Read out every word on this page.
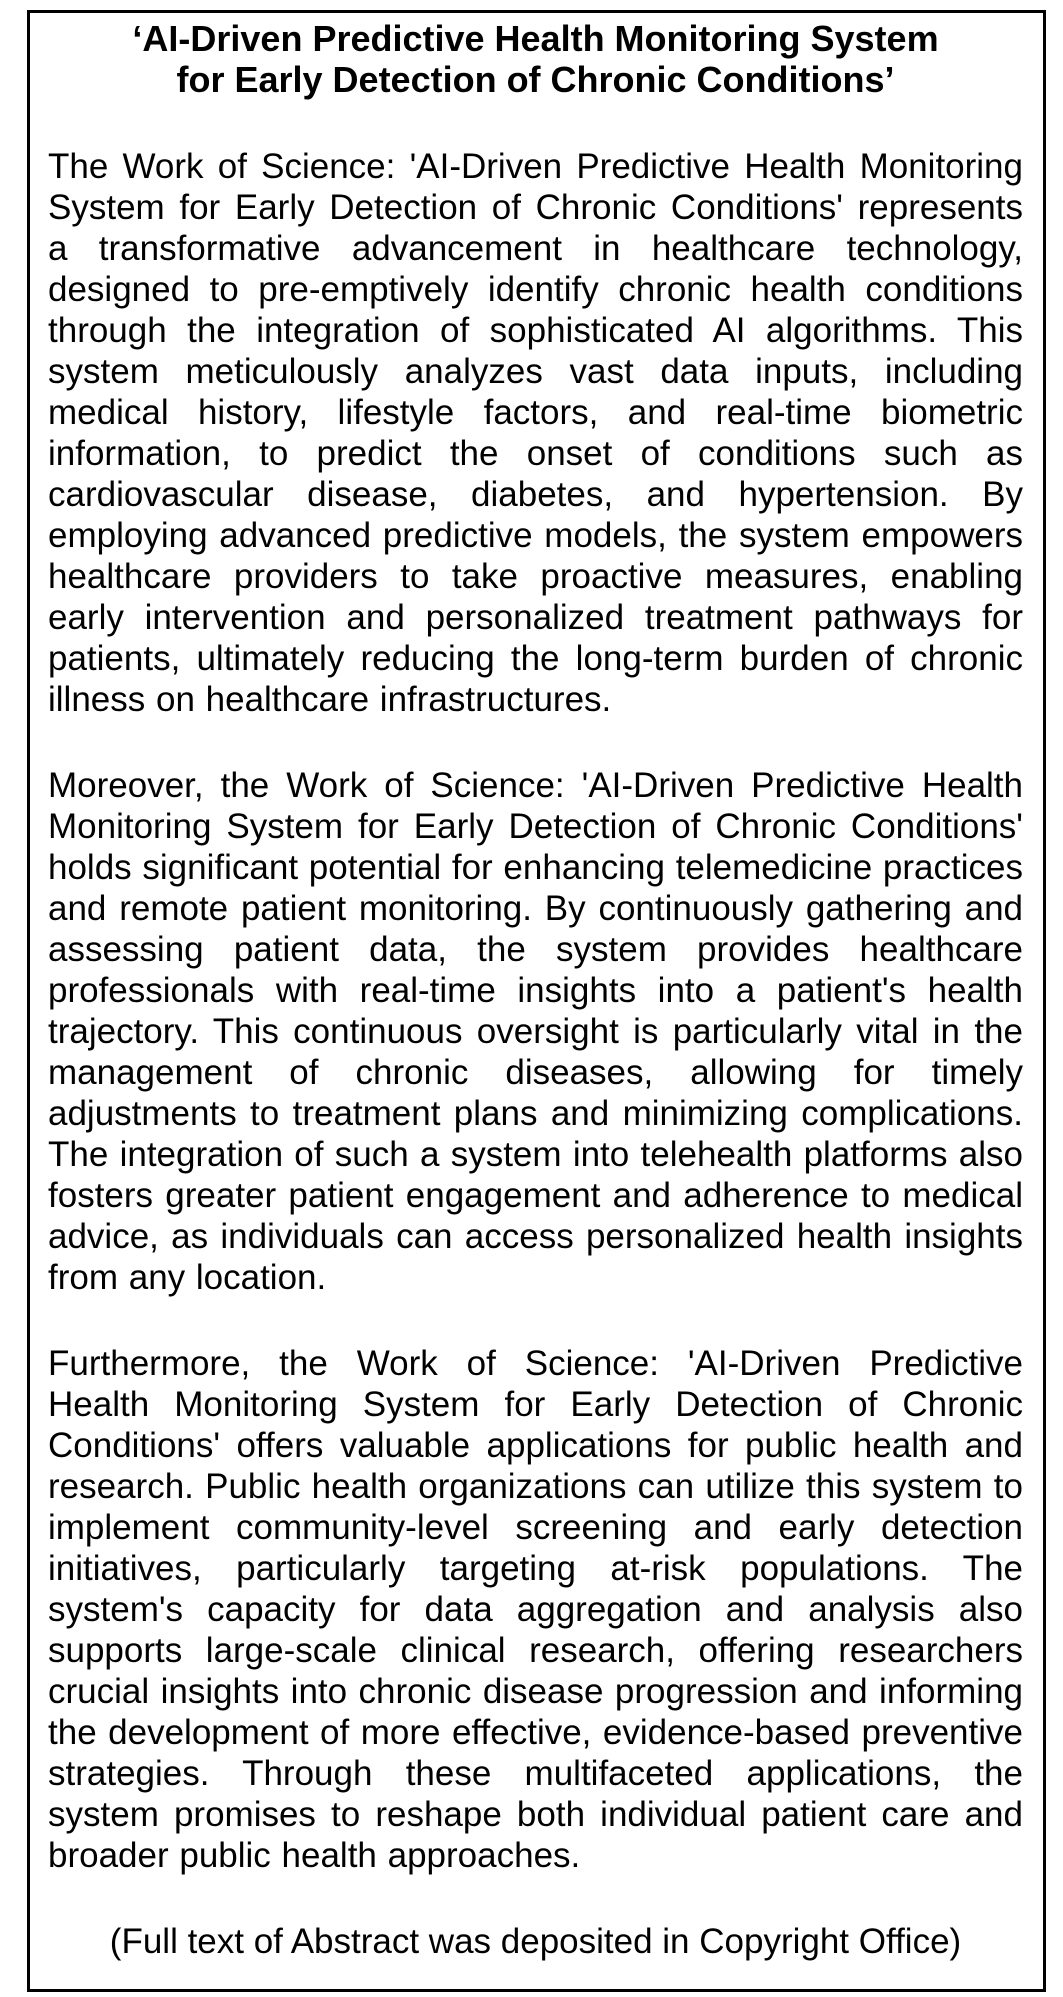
‘AI-Driven Predictive Health Monitoring System
for Early Detection of Chronic Conditions’

The Work of Science: 'AI-Driven Predictive Health Monitoring System for Early Detection of Chronic Conditions' represents a transformative advancement in healthcare technology, designed to pre-emptively identify chronic health conditions through the integration of sophisticated AI algorithms. This system meticulously analyzes vast data inputs, including medical history, lifestyle factors, and real-time biometric information, to predict the onset of conditions such as cardiovascular disease, diabetes, and hypertension. By employing advanced predictive models, the system empowers healthcare providers to take proactive measures, enabling early intervention and personalized treatment pathways for patients, ultimately reducing the long-term burden of chronic illness on healthcare infrastructures.

Moreover, the Work of Science: 'AI-Driven Predictive Health Monitoring System for Early Detection of Chronic Conditions' holds significant potential for enhancing telemedicine practices and remote patient monitoring. By continuously gathering and assessing patient data, the system provides healthcare professionals with real-time insights into a patient's health trajectory. This continuous oversight is particularly vital in the management of chronic diseases, allowing for timely adjustments to treatment plans and minimizing complications. The integration of such a system into telehealth platforms also fosters greater patient engagement and adherence to medical advice, as individuals can access personalized health insights from any location.

Furthermore, the Work of Science: 'AI-Driven Predictive Health Monitoring System for Early Detection of Chronic Conditions' offers valuable applications for public health and research. Public health organizations can utilize this system to implement community-level screening and early detection initiatives, particularly targeting at-risk populations. The system's capacity for data aggregation and analysis also supports large-scale clinical research, offering researchers crucial insights into chronic disease progression and informing the development of more effective, evidence-based preventive strategies. Through these multifaceted applications, the system promises to reshape both individual patient care and broader public health approaches.

(Full text of Abstract was deposited in Copyright Office)
